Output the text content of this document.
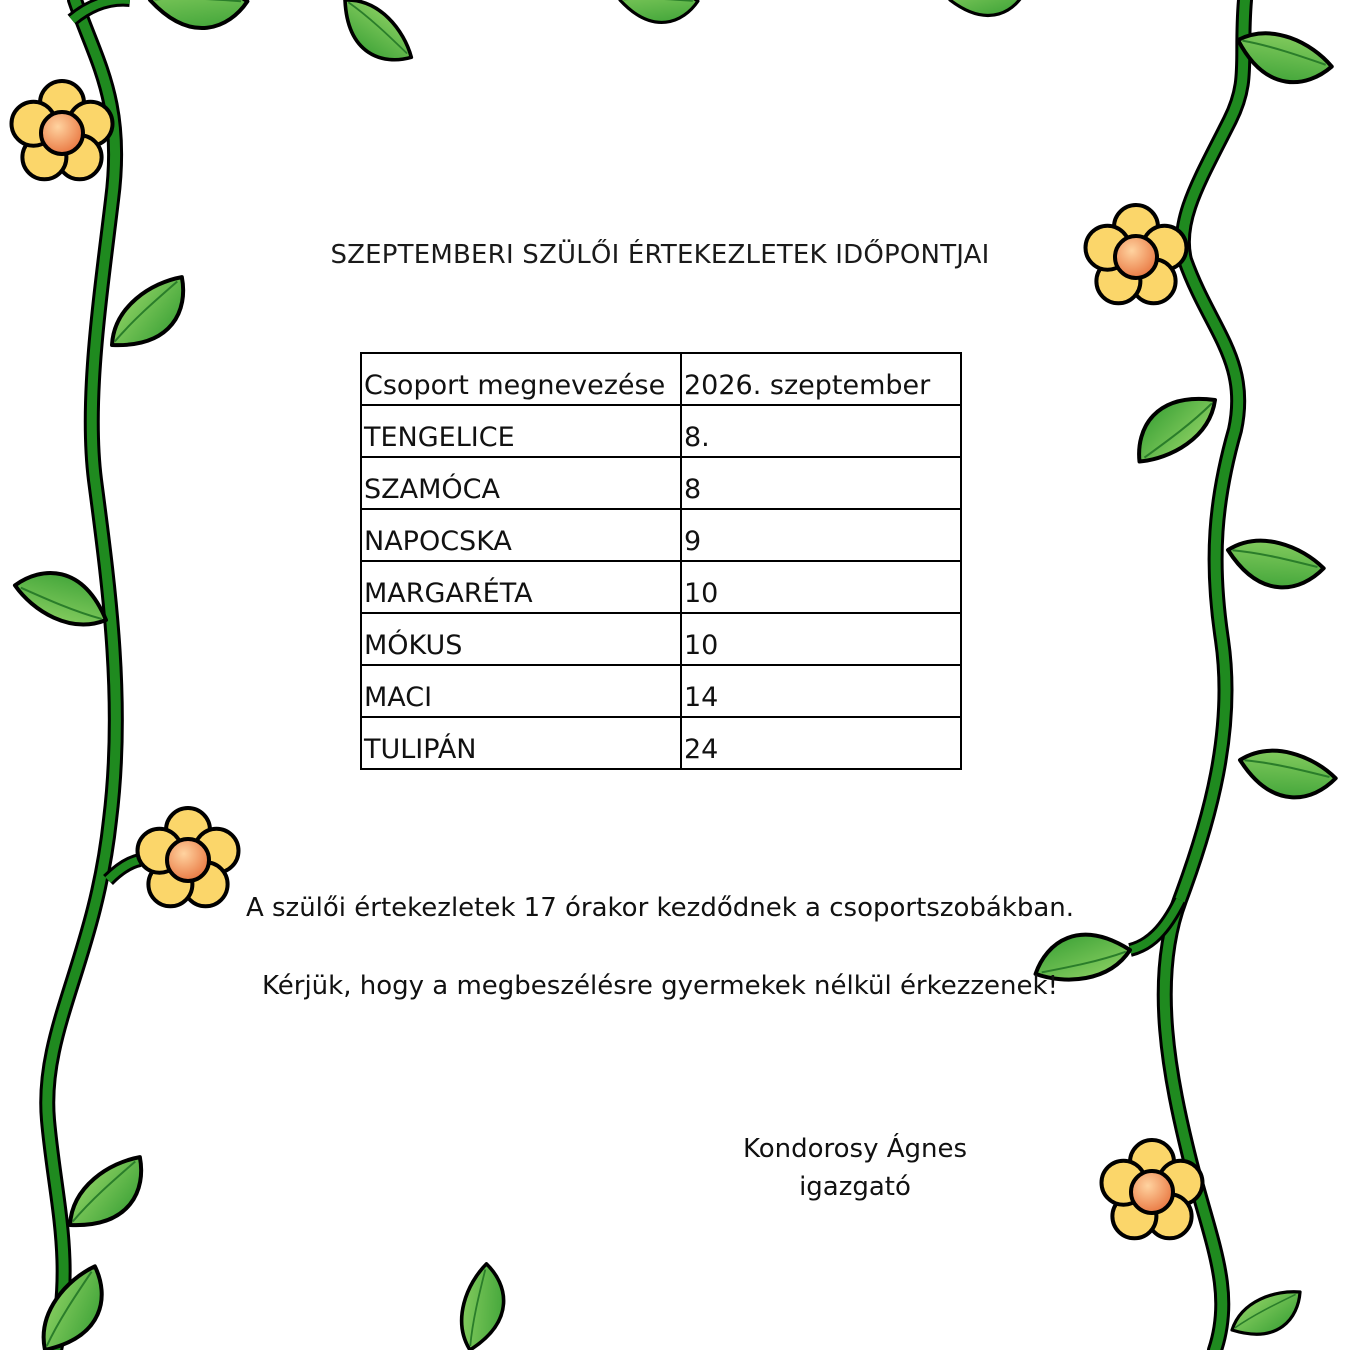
SZEPTEMBERI SZÜLŐI ÉRTEKEZLETEK IDŐPONTJAI
Csoport megnevezése	2026. szeptember
TENGELICE	8.
SZAMÓCA	8
NAPOCSKA	9
MARGARÉTA	10
MÓKUS	10
MACI	14
TULIPÁN	24
A szülői értekezletek 17 órakor kezdődnek a csoportszobákban.
Kérjük, hogy a megbeszélésre gyermekek nélkül érkezzenek!
Kondorosy Ágnes
igazgató
